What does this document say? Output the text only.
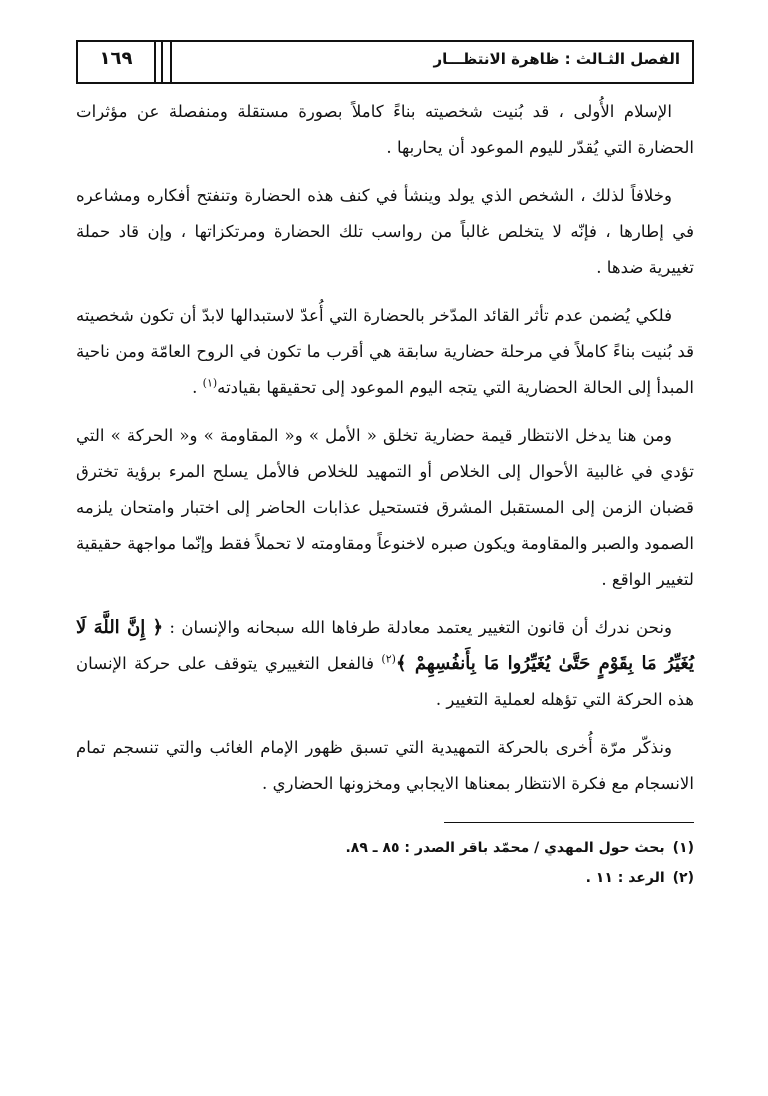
الفصل الثـالث : ظاهرة الانتظـــار
١٦٩

الإسلام الأُولى ، قد بُنيت شخصيته بناءً كاملاً بصورة مستقلة ومنفصلة عن مؤثرات الحضارة التي يُقدّر لليوم الموعود أن يحاربها .

وخلافاً لذلك ، الشخص الذي يولد وينشأ في كنف هذه الحضارة وتنفتح أفكاره ومشاعره في إطارها ، فإنّه لا يتخلص غالباً من رواسب تلك الحضارة ومرتكزاتها ، وإن قاد حملة تغييرية ضدها .

فلكي يُضمن عدم تأثر القائد المدّخر بالحضارة التي أُعدّ لاستبدالها لابدّ أن تكون شخصيته قد بُنيت بناءً كاملاً في مرحلة حضارية سابقة هي أقرب ما تكون في الروح العامّة ومن ناحية المبدأ إلى الحالة الحضارية التي يتجه اليوم الموعود إلى تحقيقها بقيادته$^{(١)}$ .

ومن هنا يدخل الانتظار قيمة حضارية تخلق « الأمل » و« المقاومة » و« الحركة » التي تؤدي في غالبية الأحوال إلى الخلاص أو التمهيد للخلاص فالأمل يسلح المرء برؤية تخترق قضبان الزمن إلى المستقبل المشرق فتستحيل عذابات الحاضر إلى اختبار وامتحان يلزمه الصمود والصبر والمقاومة ويكون صبره لاخنوعاً ومقاومته لا تحملاً فقط وإنّما مواجهة حقيقية لتغيير الواقع .

ونحن ندرك أن قانون التغيير يعتمد معادلة طرفاها الله سبحانه والإنسان : ﴿ إِنَّ اللَّهَ لَا يُغَيِّرُ مَا بِقَوْمٍ حَتَّىٰ يُغَيِّرُوا مَا بِأَنفُسِهِمْ ﴾$^{(٢)}$ فالفعل التغييري يتوقف على حركة الإنسان هذه الحركة التي تؤهله لعملية التغيير .

ونذكّر مرّة أُخرى بالحركة التمهيدية التي تسبق ظهور الإمام الغائب والتي تنسجم تمام الانسجام مع فكرة الانتظار بمعناها الايجابي ومخزونها الحضاري .

(١)بحث حول المهدي / محمّد باقر الصدر : ٨٥ ـ ٨٩.
(٢)الرعد : ١١ .
